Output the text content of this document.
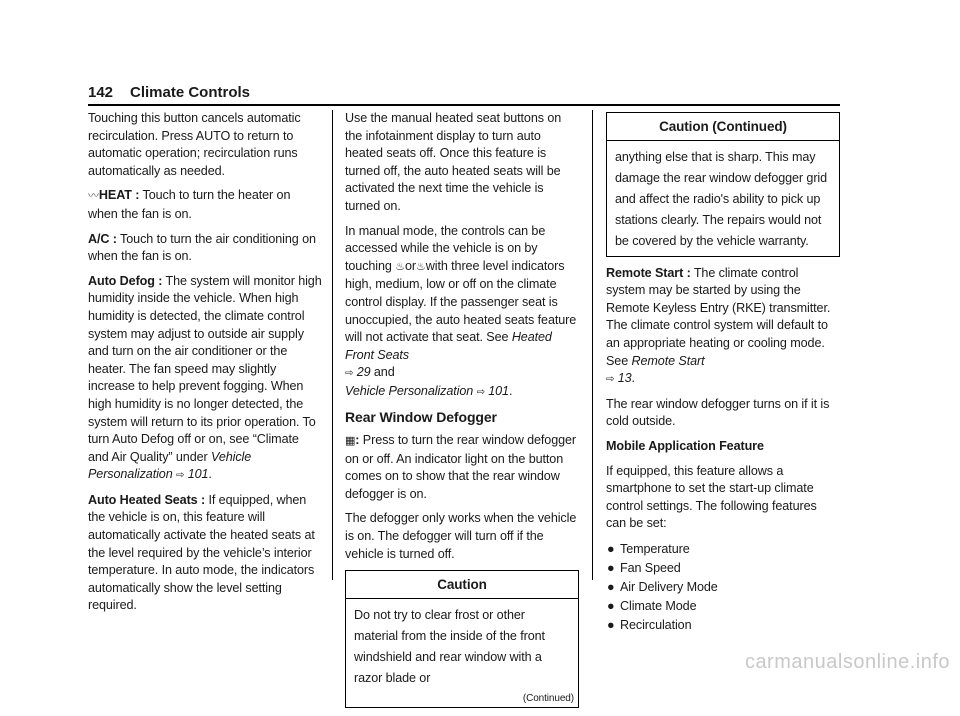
142 Climate Controls

Touching this button cancels automatic recirculation. Press AUTO to return to automatic operation; recirculation runs automatically as needed.

〰HEAT : Touch to turn the heater on when the fan is on.

A/C : Touch to turn the air conditioning on when the fan is on.

Auto Defog : The system will monitor high humidity inside the vehicle. When high humidity is detected, the climate control system may adjust to outside air supply and turn on the air conditioner or the heater. The fan speed may slightly increase to help prevent fogging. When high humidity is no longer detected, the system will return to its prior operation. To turn Auto Defog off or on, see “Climate and Air Quality” under Vehicle Personalization ⇨ 101.

Auto Heated Seats : If equipped, when the vehicle is on, this feature will automatically activate the heated seats at the level required by the vehicle’s interior temperature. In auto mode, the indicators automatically show the level setting required.

Use the manual heated seat buttons on the infotainment display to turn auto heated seats off. Once this feature is turned off, the auto heated seats will be activated the next time the vehicle is turned on.

In manual mode, the controls can be accessed while the vehicle is on by touching ♨or♨with three level indicators high, medium, low or off on the climate control display. If the passenger seat is unoccupied, the auto heated seats feature will not activate that seat. See Heated Front Seats
⇨ 29 and
Vehicle Personalization ⇨ 101.

Rear Window Defogger

▦: Press to turn the rear window defogger on or off. An indicator light on the button comes on to show that the rear window defogger is on.

The defogger only works when the vehicle is on. The defogger will turn off if the vehicle is turned off.

Caution
Do not try to clear frost or other material from the inside of the front windshield and rear window with a razor blade or
(Continued)
Caution (Continued)
anything else that is sharp. This may damage the rear window defogger grid and affect the radio's ability to pick up stations clearly. The repairs would not be covered by the vehicle warranty.

Remote Start : The climate control system may be started by using the Remote Keyless Entry (RKE) transmitter. The climate control system will default to an appropriate heating or cooling mode. See Remote Start
⇨ 13.

The rear window defogger turns on if it is cold outside.

Mobile Application Feature

If equipped, this feature allows a smartphone to set the start-up climate control settings. The following features can be set:

● Temperature
● Fan Speed
● Air Delivery Mode
● Climate Mode
● Recirculation
carmanualsonline.info
